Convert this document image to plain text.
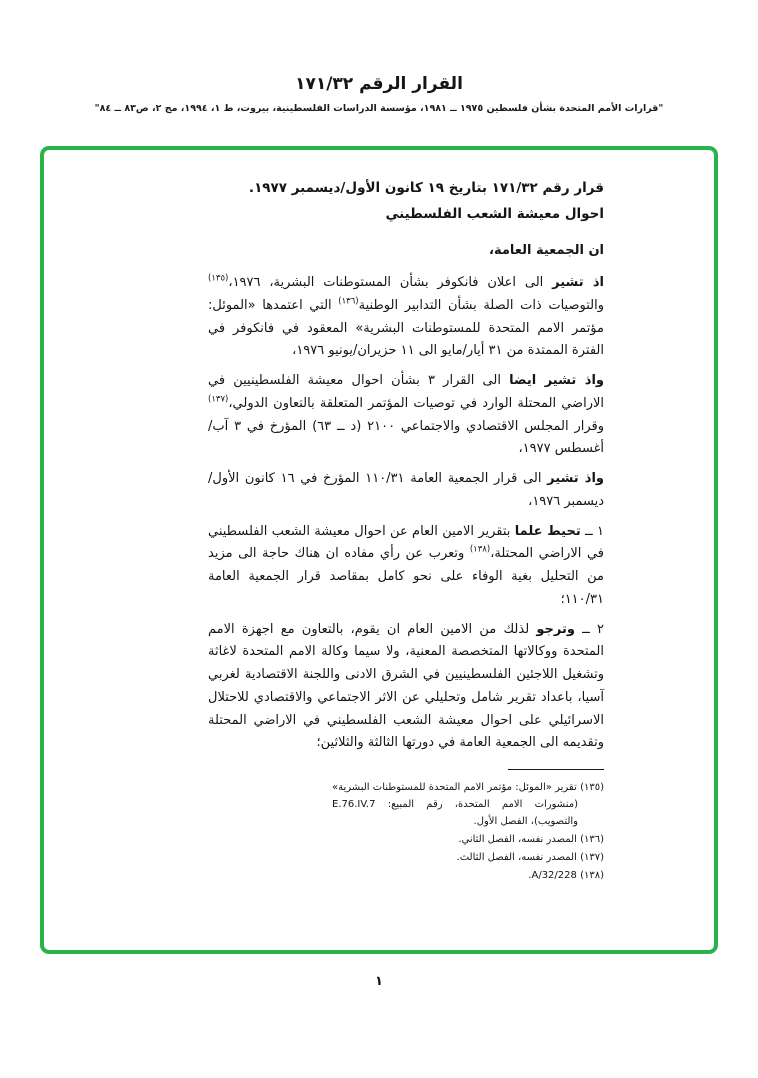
القرار الرقم ١٧١/٣٢
"قرارات الأمم المتحدة بشأن فلسطين ١٩٧٥ ــ ١٩٨١، مؤسسة الدراسات الفلسطينية، بيروت، ط ١، ١٩٩٤، مج ٢، ص٨٣ ــ ٨٤"
قرار رقم ١٧١/٣٢ بتاريخ ١٩ كانون الأول/ديسمبر ١٩٧٧.
احوال معيشة الشعب الفلسطيني
ان الجمعية العامة،

اذ تشير الى اعلان فانكوفر بشأن المستوطنات البشرية، ١٩٧٦،$^{(١٣٥)}$ والتوصيات ذات الصلة بشأن التدابير الوطنية$^{(١٣٦)}$ التي اعتمدها «الموئل: مؤتمر الامم المتحدة للمستوطنات البشرية» المعقود في فانكوفر في الفترة الممتدة من ٣١ أيار/مايو الى ١١ حزيران/يونيو ١٩٧٦،

واذ تشير ايضا الى القرار ٣ بشأن احوال معيشة الفلسطينيين في الاراضي المحتلة الوارد في توصيات المؤتمر المتعلقة بالتعاون الدولي،$^{(١٣٧)}$ وقرار المجلس الاقتصادي والاجتماعي ٢١٠٠ (د ــ ٦٣) المؤرخ في ٣ آب/أغسطس ١٩٧٧،

واذ تشير الى قرار الجمعية العامة ١١٠/٣١ المؤرخ في ١٦ كانون الأول/ديسمبر ١٩٧٦،

١ ــ تحيط علما بتقرير الامين العام عن احوال معيشة الشعب الفلسطيني في الاراضي المحتلة،$^{(١٣٨)}$ وتعرب عن رأي مفاده ان هناك حاجة الى مزيد من التحليل بغية الوفاء على نحو كامل بمقاصد قرار الجمعية العامة ١١٠/٣١؛

٢ ــ وترجو لذلك من الامين العام ان يقوم، بالتعاون مع اجهزة الامم المتحدة ووكالاتها المتخصصة المعنية، ولا سيما وكالة الامم المتحدة لاغاثة وتشغيل اللاجئين الفلسطينيين في الشرق الادنى واللجنة الاقتصادية لغربي آسيا، باعداد تقرير شامل وتحليلي عن الاثر الاجتماعي والاقتصادي للاحتلال الاسرائيلي على احوال معيشة الشعب الفلسطيني في الاراضي المحتلة وتقديمه الى الجمعية العامة في دورتها الثالثة والثلاثين؛

(١٣٥) تقرير «الموئل: مؤتمر الامم المتحدة للمستوطنات البشرية» (منشورات الامم المتحدة، رقم المبيع: E.76.IV.7 والتصويب)، الفصل الأول.
(١٣٦) المصدر نفسه، الفصل الثاني.
(١٣٧) المصدر نفسه، الفصل الثالث.
(١٣٨) A/32/228.
١
